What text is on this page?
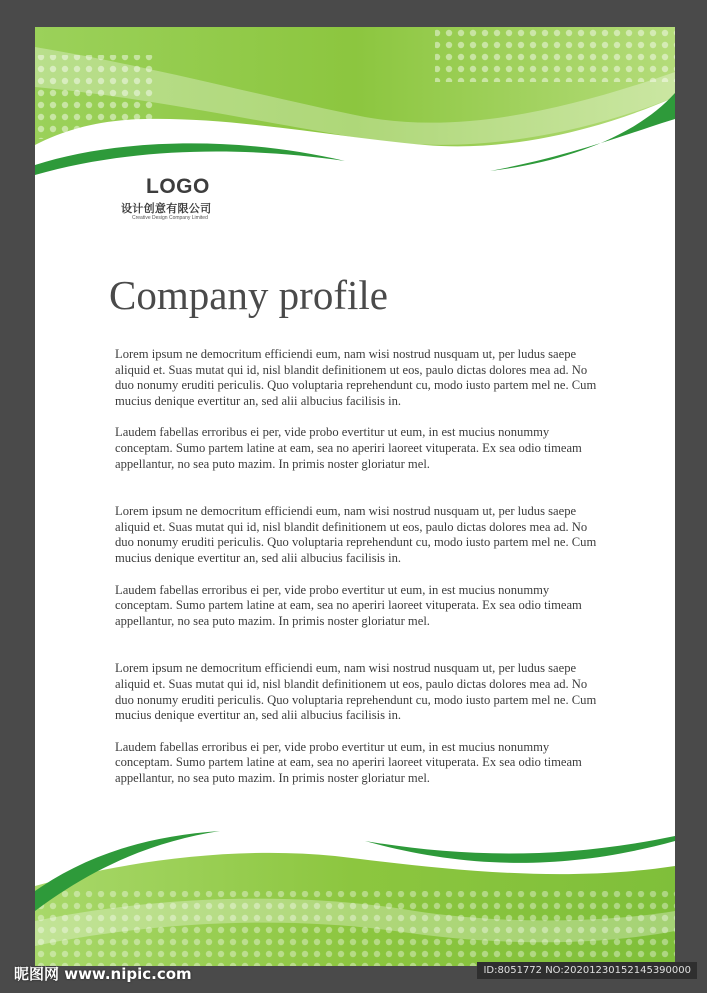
LOGO
设计创意有限公司
Creative Design Company Limited
Company profile

Lorem ipsum ne democritum efficiendi eum, nam wisi nostrud nusquam ut, per ludus saepe aliquid et. Suas mutat qui id, nisl blandit definitionem ut eos, paulo dictas dolores mea ad. No duo nonumy eruditi periculis. Quo voluptaria reprehendunt cu, modo iusto partem mel ne. Cum mucius denique evertitur an, sed alii albucius facilisis in.

Laudem fabellas erroribus ei per, vide probo evertitur ut eum, in est mucius nonummy conceptam. Sumo partem latine at eam, sea no aperiri laoreet vituperata. Ex sea odio timeam appellantur, no sea puto mazim. In primis noster gloriatur mel.

Lorem ipsum ne democritum efficiendi eum, nam wisi nostrud nusquam ut, per ludus saepe aliquid et. Suas mutat qui id, nisl blandit definitionem ut eos, paulo dictas dolores mea ad. No duo nonumy eruditi periculis. Quo voluptaria reprehendunt cu, modo iusto partem mel ne. Cum mucius denique evertitur an, sed alii albucius facilisis in.

Laudem fabellas erroribus ei per, vide probo evertitur ut eum, in est mucius nonummy conceptam. Sumo partem latine at eam, sea no aperiri laoreet vituperata. Ex sea odio timeam appellantur, no sea puto mazim. In primis noster gloriatur mel.

Lorem ipsum ne democritum efficiendi eum, nam wisi nostrud nusquam ut, per ludus saepe aliquid et. Suas mutat qui id, nisl blandit definitionem ut eos, paulo dictas dolores mea ad. No duo nonumy eruditi periculis. Quo voluptaria reprehendunt cu, modo iusto partem mel ne. Cum mucius denique evertitur an, sed alii albucius facilisis in.

Laudem fabellas erroribus ei per, vide probo evertitur ut eum, in est mucius nonummy conceptam. Sumo partem latine at eam, sea no aperiri laoreet vituperata. Ex sea odio timeam appellantur, no sea puto mazim. In primis noster gloriatur mel.

昵图网 www.nipic.com	ID:8051772 NO:20201230152145390000
